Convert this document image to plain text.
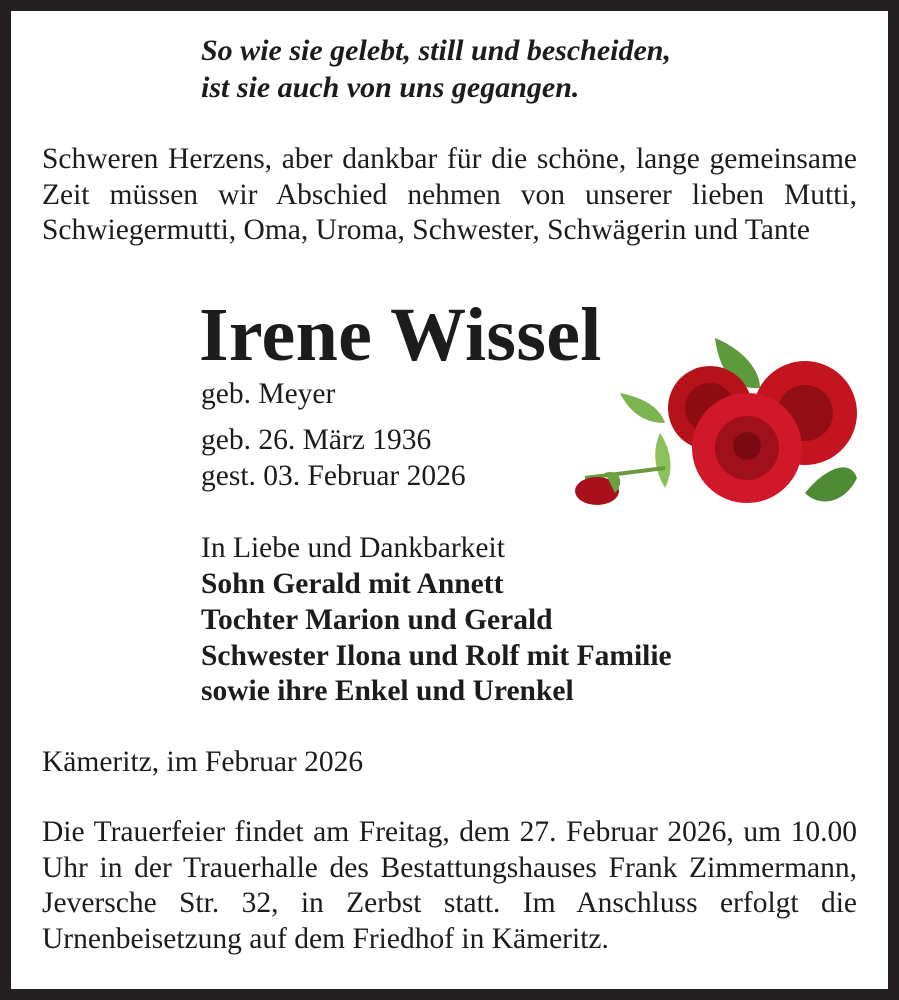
So wie sie gelebt, still und bescheiden,
ist sie auch von uns gegangen.

Schweren Herzens, aber dankbar für die schöne, lange gemeinsame Zeit müssen wir Abschied nehmen von unserer lieben Mutti, Schwiegermutti, Oma, Uroma, Schwester, Schwägerin und Tante

Irene Wissel
geb. Meyer
geb. 26. März 1936
gest. 03. Februar 2026
In Liebe und Dankbarkeit
Sohn Gerald mit Annett
Tochter Marion und Gerald
Schwester Ilona und Rolf mit Familie
sowie ihre Enkel und Urenkel
Kämeritz, im Februar 2026

Die Trauerfeier findet am Freitag, dem 27. Februar 2026, um 10.00 Uhr in der Trauerhalle des Bestattungshauses Frank Zimmermann, Jeversche Str. 32, in Zerbst statt. Im Anschluss erfolgt die Urnenbeisetzung auf dem Friedhof in Kämeritz.
